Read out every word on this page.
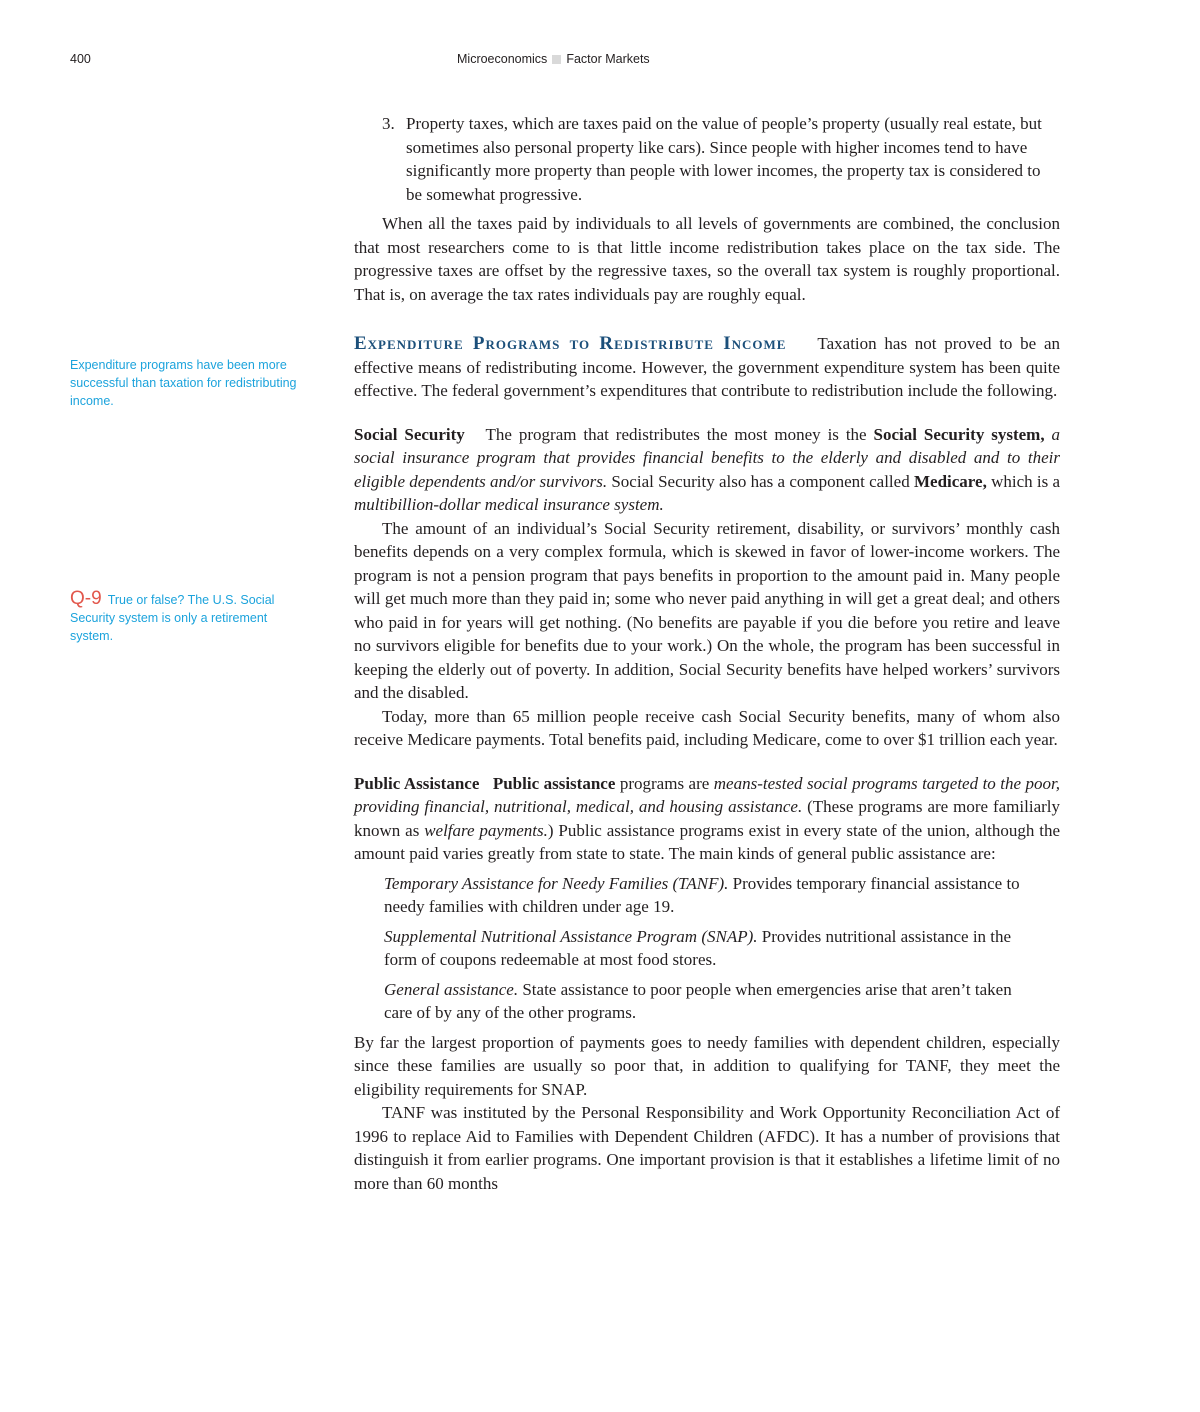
400	Microeconomics Factor Markets
Expenditure programs have been more successful than taxation for redistributing income.
Q-9 True or false? The U.S. Social Security system is only a retirement system.
3. Property taxes, which are taxes paid on the value of people’s property (usually real estate, but sometimes also personal property like cars). Since people with higher incomes tend to have significantly more property than people with lower incomes, the property tax is considered to be somewhat progressive.

When all the taxes paid by individuals to all levels of governments are combined, the conclusion that most researchers come to is that little income redistribution takes place on the tax side. The progressive taxes are offset by the regressive taxes, so the overall tax system is roughly proportional. That is, on average the tax rates individuals pay are roughly equal.

Expenditure Programs to Redistribute Income Taxation has not proved to be an effective means of redistributing income. However, the government expenditure system has been quite effective. The federal government’s expenditures that contribute to redistribution include the following.

Social Security The program that redistributes the most money is the Social Security system, a social insurance program that provides financial benefits to the elderly and disabled and to their eligible dependents and/or survivors. Social Security also has a component called Medicare, which is a multibillion-dollar medical insurance system.

The amount of an individual’s Social Security retirement, disability, or survivors’ monthly cash benefits depends on a very complex formula, which is skewed in favor of lower-income workers. The program is not a pension program that pays benefits in proportion to the amount paid in. Many people will get much more than they paid in; some who never paid anything in will get a great deal; and others who paid in for years will get nothing. (No benefits are payable if you die before you retire and leave no survivors eligible for benefits due to your work.) On the whole, the program has been successful in keeping the elderly out of poverty. In addition, Social Security benefits have helped workers’ survivors and the disabled.

Today, more than 65 million people receive cash Social Security benefits, many of whom also receive Medicare payments. Total benefits paid, including Medicare, come to over $1 trillion each year.

Public Assistance Public assistance programs are means-tested social programs targeted to the poor, providing financial, nutritional, medical, and housing assistance. (These programs are more familiarly known as welfare payments.) Public assistance programs exist in every state of the union, although the amount paid varies greatly from state to state. The main kinds of general public assistance are:

Temporary Assistance for Needy Families (TANF). Provides temporary financial assistance to needy families with children under age 19.

Supplemental Nutritional Assistance Program (SNAP). Provides nutritional assistance in the form of coupons redeemable at most food stores.

General assistance. State assistance to poor people when emergencies arise that aren’t taken care of by any of the other programs.

By far the largest proportion of payments goes to needy families with dependent children, especially since these families are usually so poor that, in addition to qualifying for TANF, they meet the eligibility requirements for SNAP.

TANF was instituted by the Personal Responsibility and Work Opportunity Reconciliation Act of 1996 to replace Aid to Families with Dependent Children (AFDC). It has a number of provisions that distinguish it from earlier programs. One important provision is that it establishes a lifetime limit of no more than 60 months
